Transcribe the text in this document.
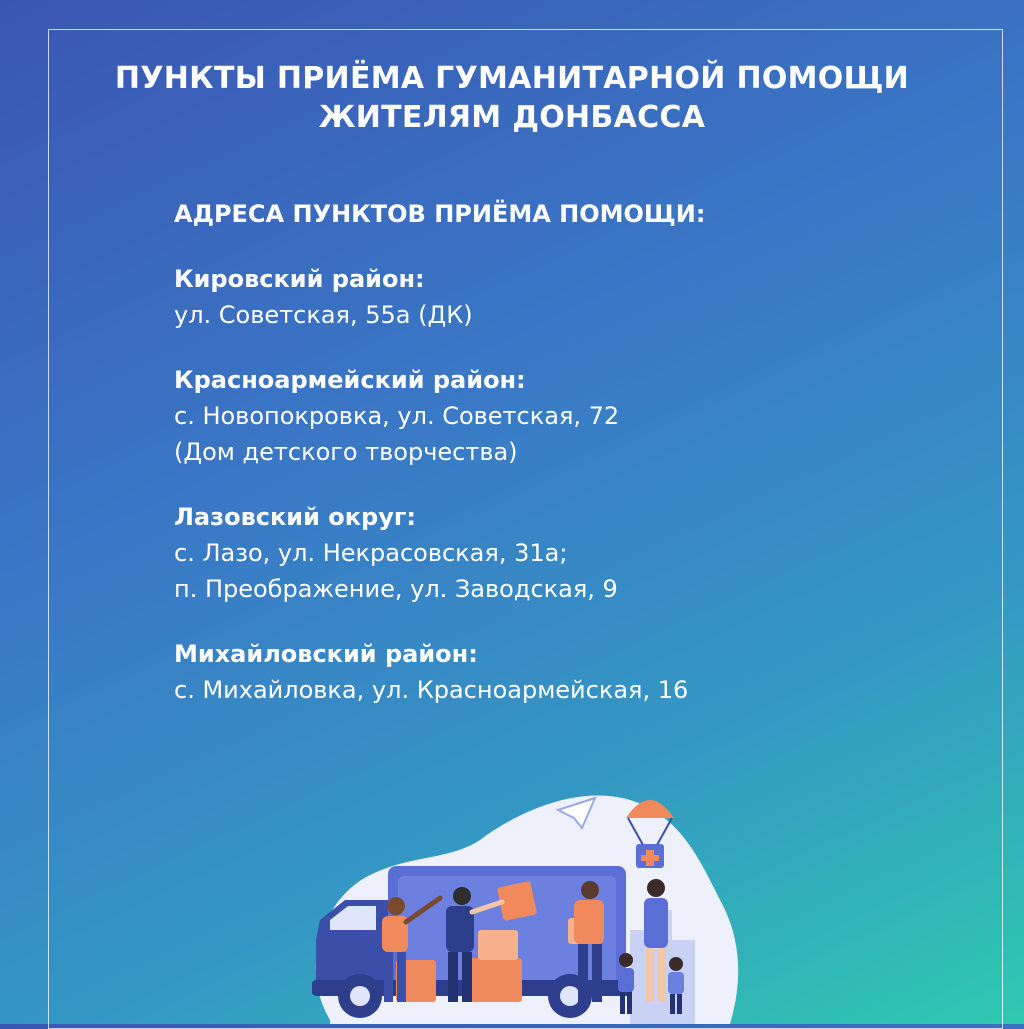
ПУНКТЫ ПРИЁМА ГУМАНИТАРНОЙ ПОМОЩИ
ЖИТЕЛЯМ ДОНБАССА
АДРЕСА ПУНКТОВ ПРИЁМА ПОМОЩИ:
Кировский район:
ул. Советская, 55а (ДК)
Красноармейский район:
с. Новопокровка, ул. Советская, 72
(Дом детского творчества)
Лазовский округ:
с. Лазо, ул. Некрасовская, 31а;
п. Преображение, ул. Заводская, 9
Михайловский район:
с. Михайловка, ул. Красноармейская, 16
